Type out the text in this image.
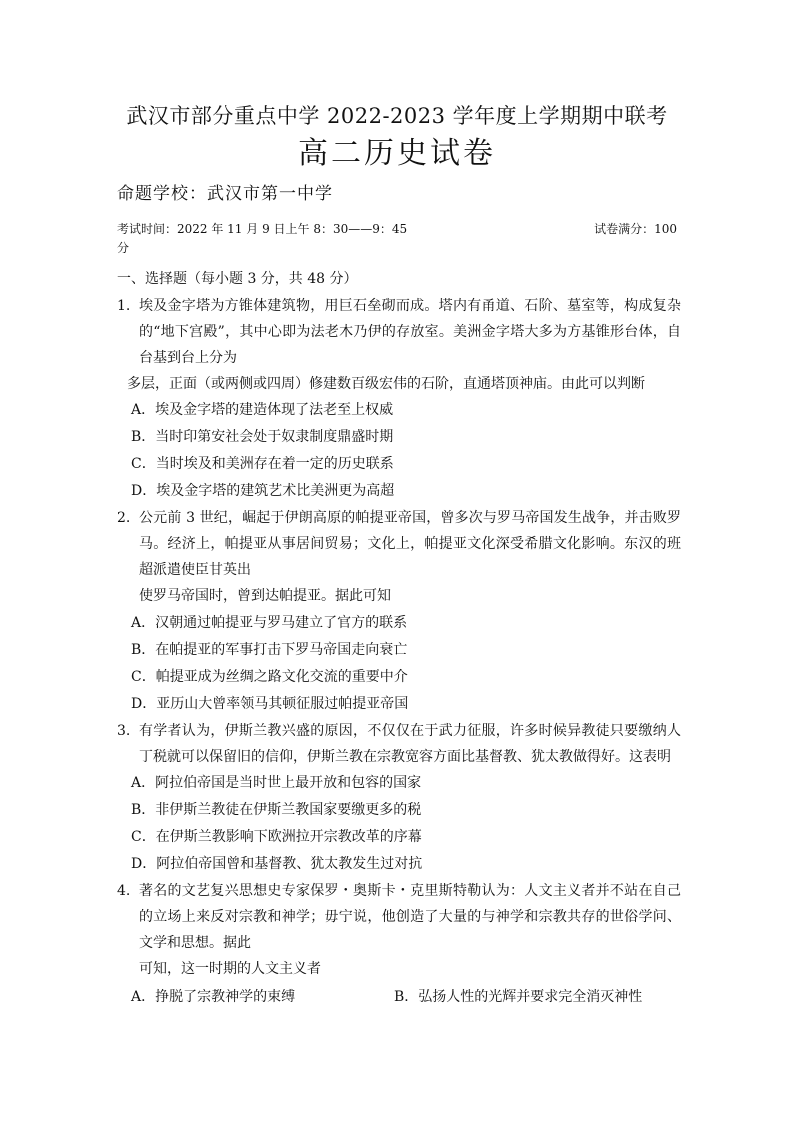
武汉市部分重点中学 2022-2023 学年度上学期期中联考
高二历史试卷
命题学校：武汉市第一中学
考试时间：2022 年 11 月 9 日上午 8：30——9：45	试卷满分：100
分
一、选择题（每小题 3 分，共 48 分）
1. 埃及金字塔为方锥体建筑物，用巨石垒砌而成。塔内有甬道、石阶、墓室等，构成复杂的“地下宫殿”，其中心即为法老木乃伊的存放室。美洲金字塔大多为方基锥形台体，自台基到台上分为
多层，正面（或两侧或四周）修建数百级宏伟的石阶，直通塔顶神庙。由此可以判断
A．埃及金字塔的建造体现了法老至上权威
B．当时印第安社会处于奴隶制度鼎盛时期
C．当时埃及和美洲存在着一定的历史联系
D．埃及金字塔的建筑艺术比美洲更为高超
2. 公元前 3 世纪，崛起于伊朗高原的帕提亚帝国，曾多次与罗马帝国发生战争，并击败罗马。经济上，帕提亚从事居间贸易；文化上，帕提亚文化深受希腊文化影响。东汉的班超派遣使臣甘英出
使罗马帝国时，曾到达帕提亚。据此可知
A．汉朝通过帕提亚与罗马建立了官方的联系
B．在帕提亚的军事打击下罗马帝国走向衰亡
C．帕提亚成为丝绸之路文化交流的重要中介
D．亚历山大曾率领马其顿征服过帕提亚帝国
3. 有学者认为，伊斯兰教兴盛的原因，不仅仅在于武力征服，许多时候异教徒只要缴纳人丁税就可以保留旧的信仰，伊斯兰教在宗教宽容方面比基督教、犹太教做得好。这表明
A．阿拉伯帝国是当时世上最开放和包容的国家
B．非伊斯兰教徒在伊斯兰教国家要缴更多的税
C．在伊斯兰教影响下欧洲拉开宗教改革的序幕
D．阿拉伯帝国曾和基督教、犹太教发生过对抗
4. 著名的文艺复兴思想史专家保罗・奥斯卡・克里斯特勒认为：人文主义者并不站在自己的立场上来反对宗教和神学；毋宁说，他创造了大量的与神学和宗教共存的世俗学问、文学和思想。据此
可知，这一时期的人文主义者
A．挣脱了宗教神学的束缚	B．弘扬人性的光辉并要求完全消灭神性
